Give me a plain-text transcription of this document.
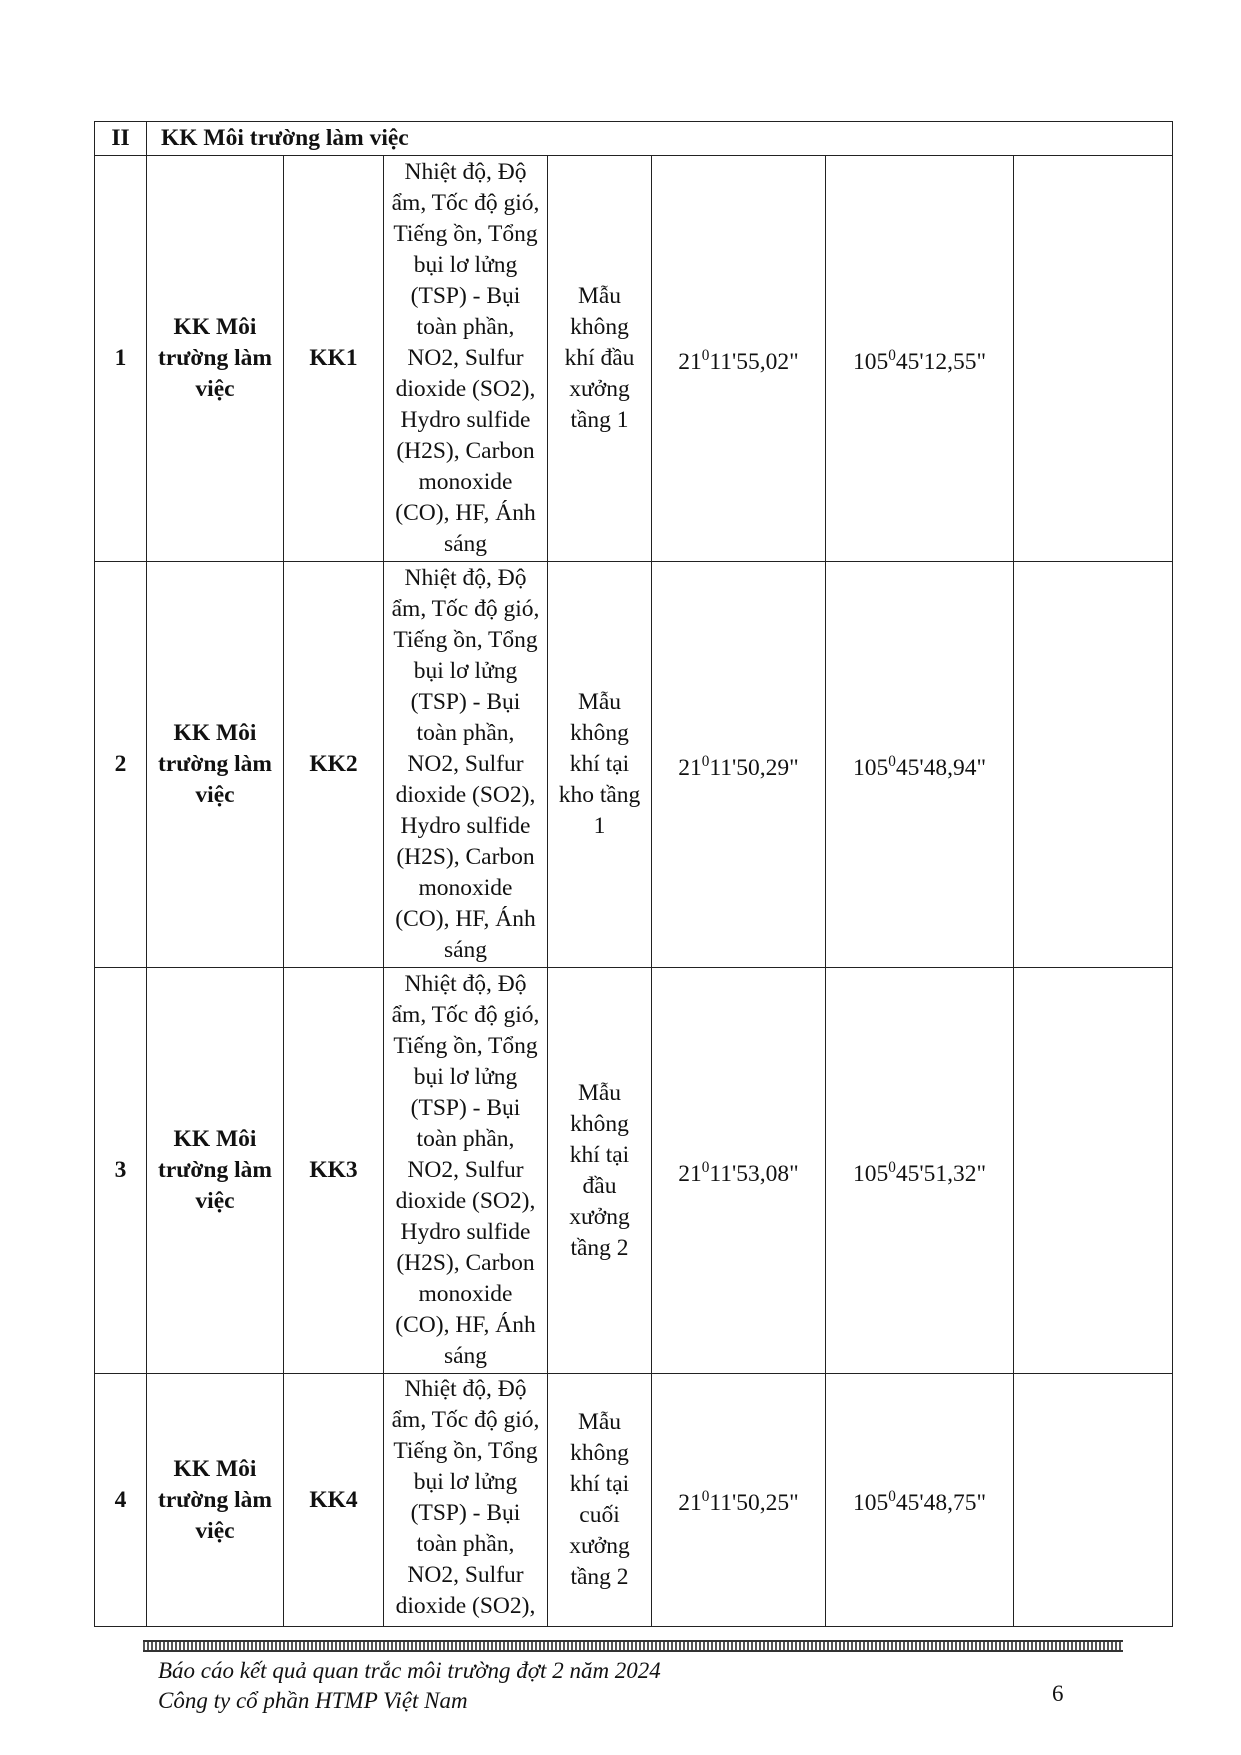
II	KK Môi trường làm việc						
1	KK Môi trường làm việc	KK1	Nhiệt độ, Độ ẩm, Tốc độ gió, Tiếng ồn, Tổng bụi lơ lửng (TSP) - Bụi toàn phần, NO2, Sulfur dioxide (SO2), Hydro sulfide (H2S), Carbon monoxide (CO), HF, Ánh sáng	Mẫu không khí đầu xưởng tầng 1	$21^011'55,02$"	$105^045'12,55$"	
2	KK Môi trường làm việc	KK2	Nhiệt độ, Độ ẩm, Tốc độ gió, Tiếng ồn, Tổng bụi lơ lửng (TSP) - Bụi toàn phần, NO2, Sulfur dioxide (SO2), Hydro sulfide (H2S), Carbon monoxide (CO), HF, Ánh sáng	Mẫu không khí tại kho tầng 1	$21^011'50,29$"	$105^045'48,94$"	
3	KK Môi trường làm việc	KK3	Nhiệt độ, Độ ẩm, Tốc độ gió, Tiếng ồn, Tổng bụi lơ lửng (TSP) - Bụi toàn phần, NO2, Sulfur dioxide (SO2), Hydro sulfide (H2S), Carbon monoxide (CO), HF, Ánh sáng	Mẫu không khí tại đầu xưởng tầng 2	$21^011'53,08$"	$105^045'51,32$"	
4	KK Môi trường làm việc	KK4	Nhiệt độ, Độ ẩm, Tốc độ gió, Tiếng ồn, Tổng bụi lơ lửng (TSP) - Bụi toàn phần, NO2, Sulfur dioxide (SO2),	Mẫu không khí tại cuối xưởng tầng 2	$21^011'50,25$"	$105^045'48,75$"	
Báo cáo kết quả quan trắc môi trường đợt 2 năm 2024
Công ty cổ phần HTMP Việt Nam	6
